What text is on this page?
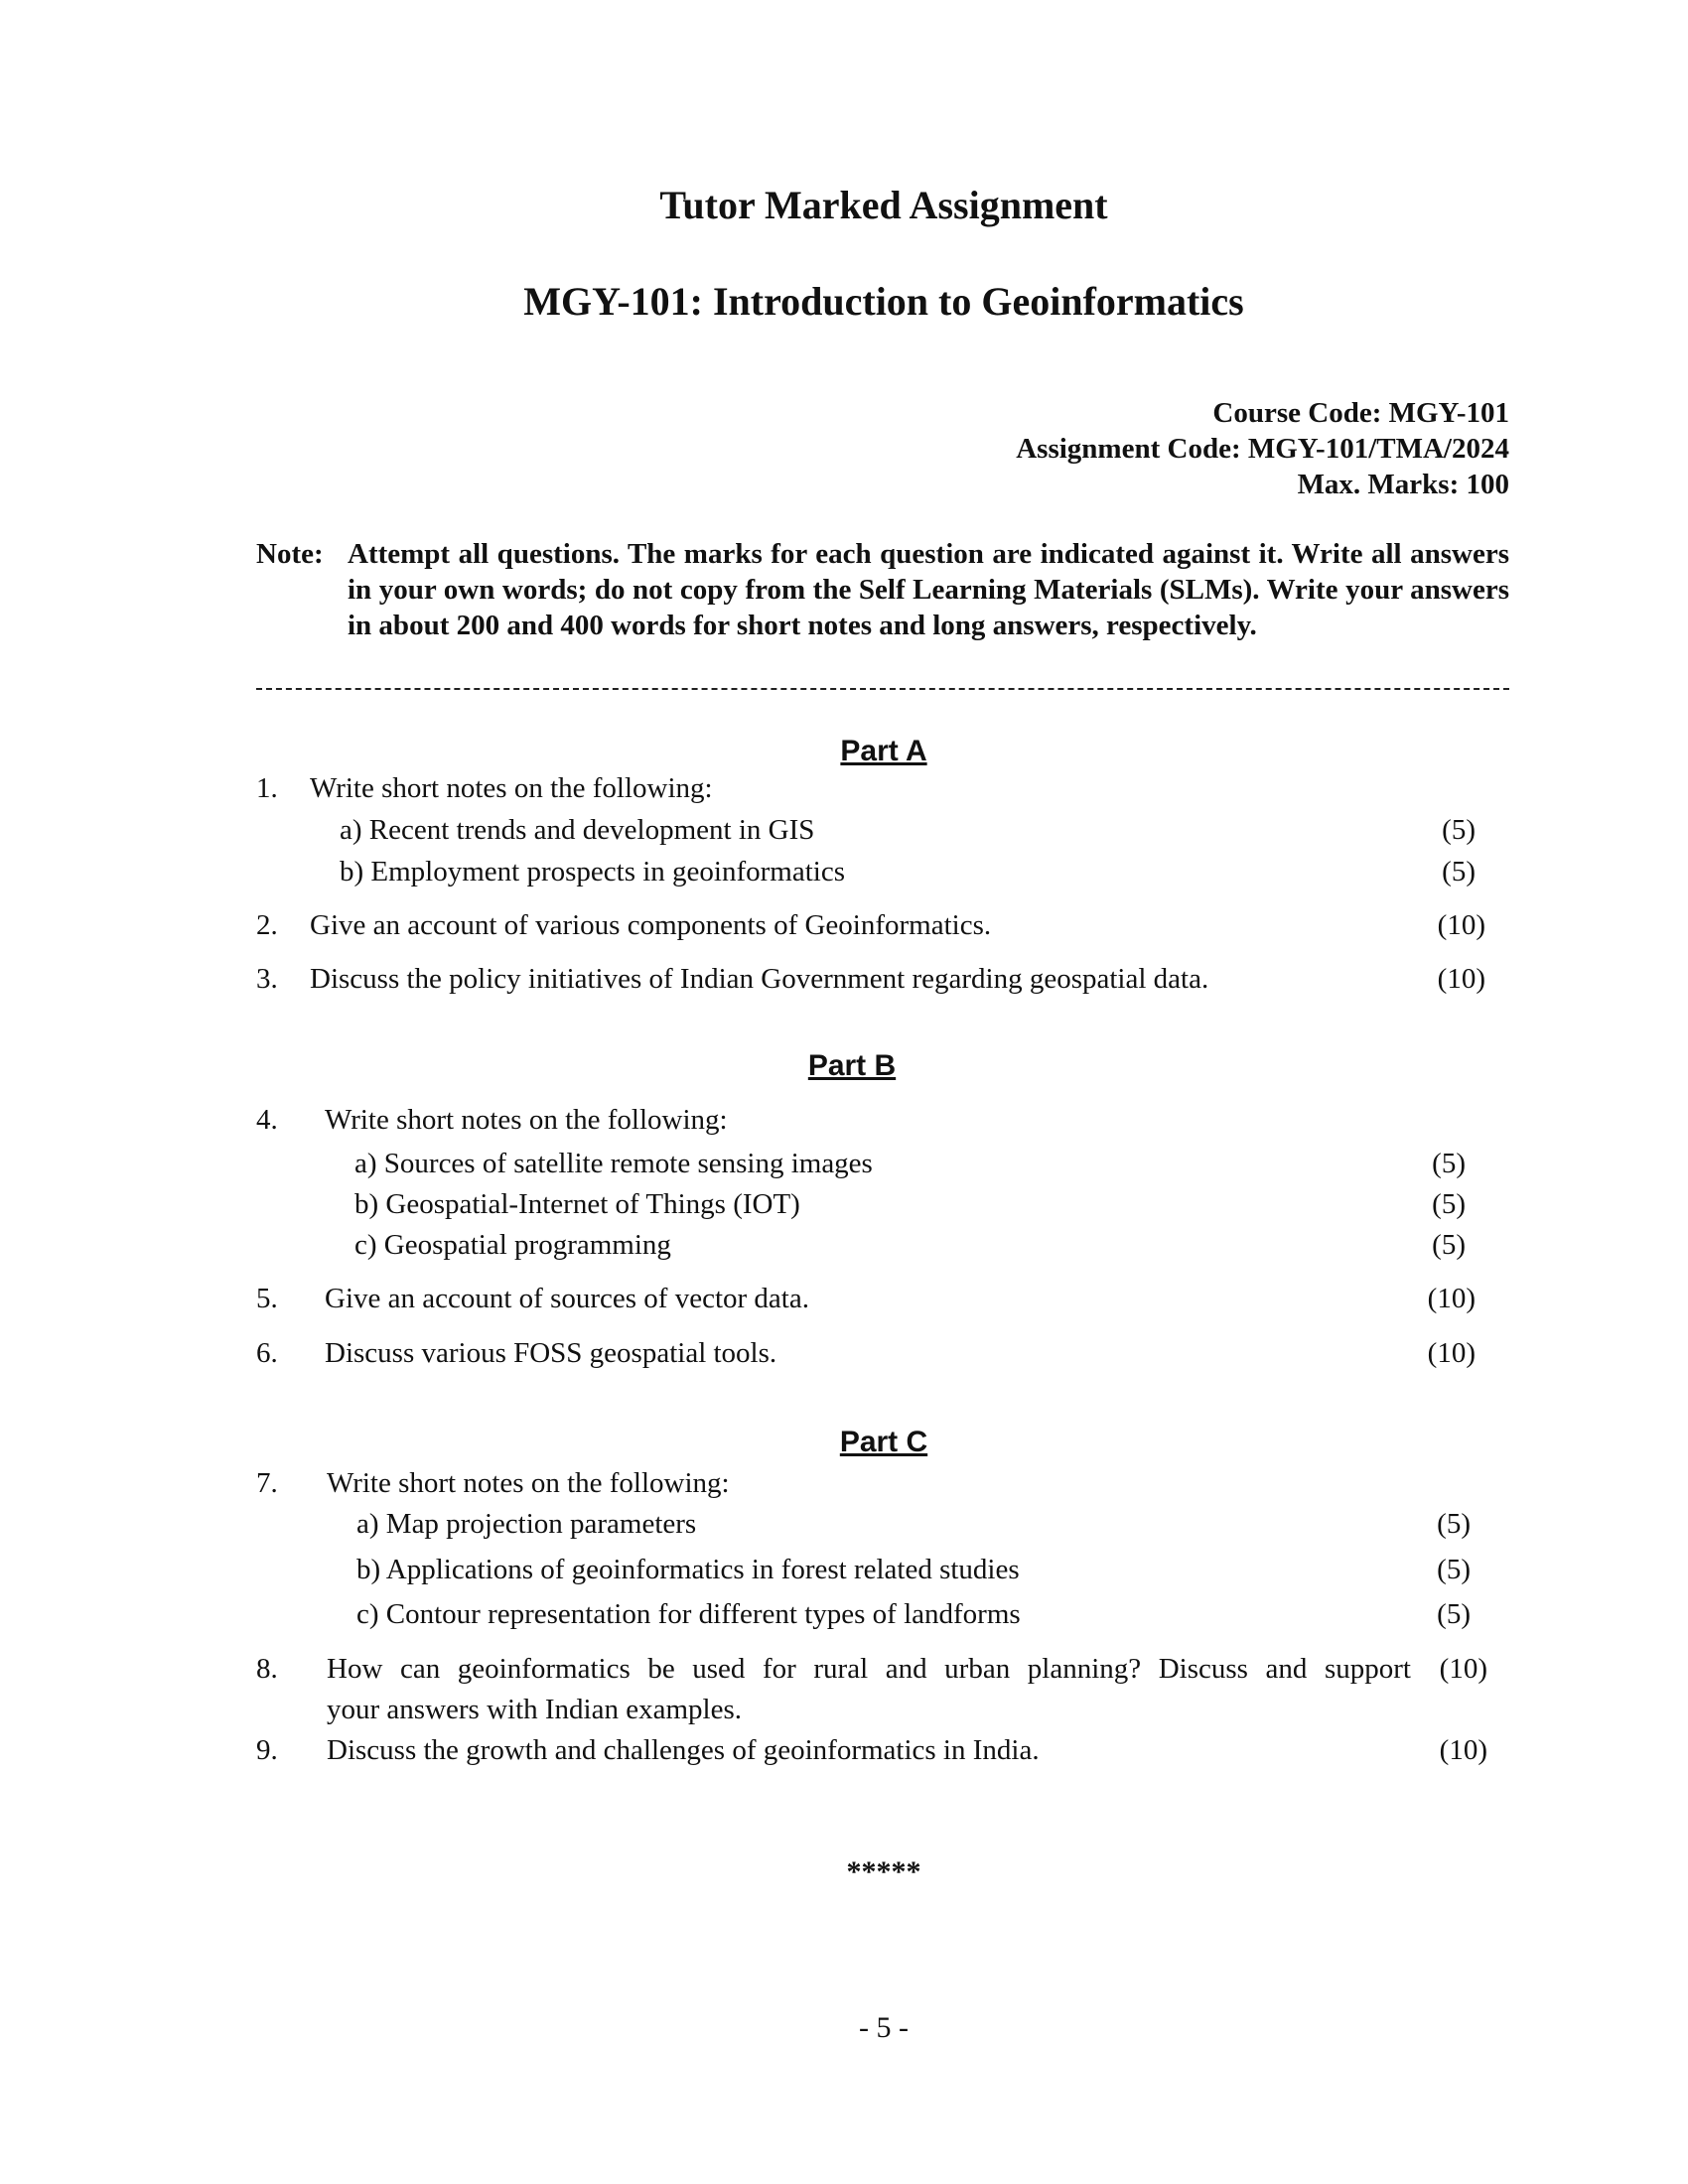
Tutor Marked Assignment
MGY-101: Introduction to Geoinformatics
Course Code: MGY-101
Assignment Code: MGY-101/TMA/2024
Max. Marks: 100
Note: Attempt all questions. The marks for each question are indicated against it. Write all answers in your own words; do not copy from the Self Learning Materials (SLMs). Write your answers in about 200 and 400 words for short notes and long answers, respectively.
Part A
1. Write short notes on the following:
a) Recent trends and development in GIS	(5)
b) Employment prospects in geoinformatics	(5)
2. Give an account of various components of Geoinformatics.	(10)
3. Discuss the policy initiatives of Indian Government regarding geospatial data.	(10)
Part B
4. Write short notes on the following:
a) Sources of satellite remote sensing images	(5)
b) Geospatial-Internet of Things (IOT)	(5)
c) Geospatial programming	(5)
5. Give an account of sources of vector data.	(10)
6. Discuss various FOSS geospatial tools.	(10)
Part C
7. Write short notes on the following:
a) Map projection parameters	(5)
b) Applications of geoinformatics in forest related studies	(5)
c) Contour representation for different types of landforms	(5)
8. How can geoinformatics be used for rural and urban planning? Discuss and support
your answers with Indian examples.
(10)
9. Discuss the growth and challenges of geoinformatics in India.	(10)
*****
- 5 -
